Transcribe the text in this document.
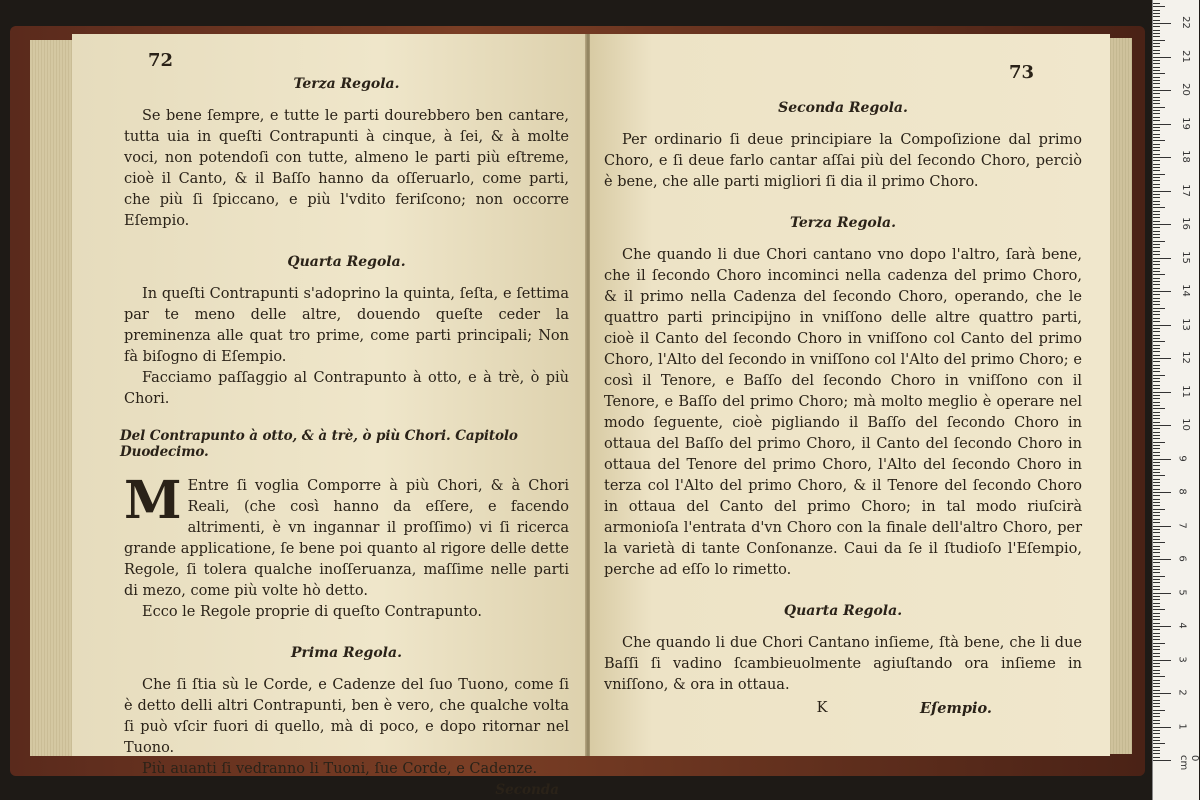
72
Terza Regola.

Se bene ſempre, e tutte le parti dourebbero ben cantare, tutta uia in queſti Contrapunti à cinque, à ſei, & à molte voci, non potendoſi con tutte, almeno le parti più eſtreme, cioè il Canto, & il Baſſo hanno da oſſeruarlo, come parti, che più ſi ſpiccano, e più l'vdito feriſcono; non occorre Eſempio.

Quarta Regola.

In queſti Contrapunti s'adoprino la quinta, ſeſta, e ſettima par te meno delle altre, douendo queſte ceder la preminenza alle quat tro prime, come parti principali; Non fà biſogno di Eſempio.

Facciamo paſſaggio al Contrapunto à otto, e à trè, ò più Chori.

Del Contrapunto à otto, & à trè, ò più Chori. Capitolo Duodecimo.

M Entre ſi voglia Comporre à più Chori, & à Chori Reali, (che così hanno da eſſere, e facendo altrimenti, è vn ingannar il proſſimo) vi ſi ricerca grande applicatione, ſe bene poi quanto al rigore delle dette Regole, ſi tolera qualche inoſſeruanza, maſſime nelle parti di mezo, come più volte hò detto.

Ecco le Regole proprie di queſto Contrapunto.

Prima Regola.

Che ſi ſtia sù le Corde, e Cadenze del ſuo Tuono, come ſi è detto delli altri Contrapunti, ben è vero, che qualche volta ſi può vſcir fuori di quello, mà di poco, e dopo ritornar nel Tuono.

Più auanti ſi vedranno li Tuoni, ſue Corde, e Cadenze.

Seconda
73
Seconda Regola.

Per ordinario ſi deue principiare la Compoſizione dal primo Choro, e ſi deue farlo cantar aſſai più del ſecondo Choro, perciò è bene, che alle parti migliori ſi dia il primo Choro.

Terza Regola.

Che quando li due Chori cantano vno dopo l'altro, ſarà bene, che il ſecondo Choro incominci nella cadenza del primo Choro, & il primo nella Cadenza del ſecondo Choro, operando, che le quattro parti principijno in vniſſono delle altre quattro parti, cioè il Canto del ſecondo Choro in vniſſono col Canto del primo Choro, l'Alto del ſecondo in vniſſono col l'Alto del primo Choro; e così il Tenore, e Baſſo del ſecondo Choro in vniſſono con il Tenore, e Baſſo del primo Choro; mà molto meglio è operare nel modo ſeguente, cioè pigliando il Baſſo del ſecondo Choro in ottaua del Baſſo del primo Choro, il Canto del ſecondo Choro in ottaua del Tenore del primo Choro, l'Alto del ſecondo Choro in terza col l'Alto del primo Choro, & il Tenore del ſecondo Choro in ottaua del Canto del primo Choro; in tal modo riuſcirà armonioſa l'entrata d'vn Choro con la finale dell'altro Choro, per la varietà di tante Conſonanze. Caui da ſe il ſtudioſo l'Eſempio, perche ad eſſo lo rimetto.

Quarta Regola.

Che quando li due Chori Cantano inſieme, ſtà bene, che li due Baſſi ſi vadino ſcambieuolmente agiuſtando ora inſieme in vniſſono, & ora in ottaua.

K	Eſempio.
0 cm
1
2
3
4
5
6
7
8
9
10
11
12
13
14
15
16
17
18
19
20
21
22
